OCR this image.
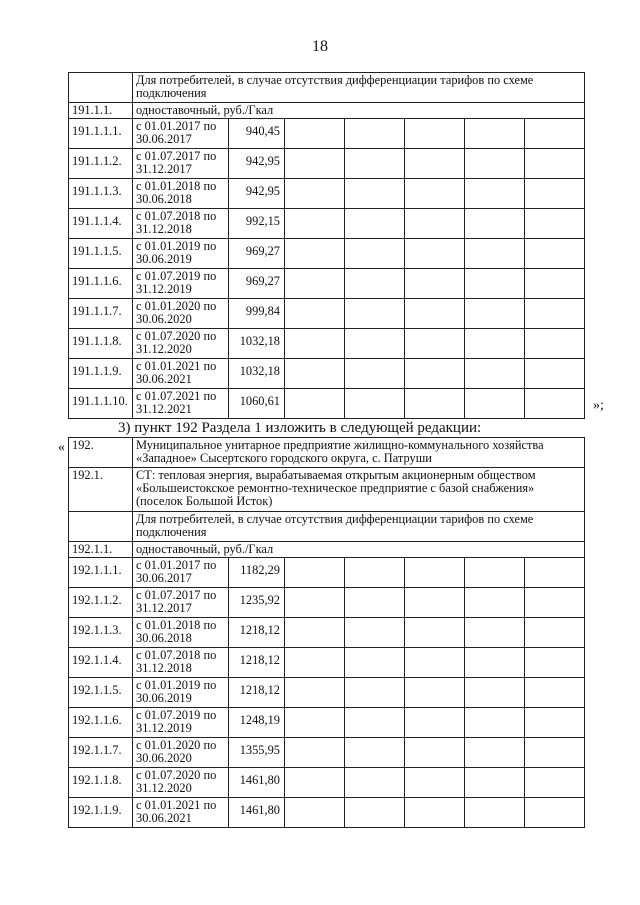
18
	Для потребителей, в случае отсутствия дифференциации тарифов по схеме подключения						
191.1.1.	одноставочный, руб./Гкал						
191.1.1.1.	с 01.01.2017 по 30.06.2017	940,45					
191.1.1.2.	с 01.07.2017 по 31.12.2017	942,95					
191.1.1.3.	с 01.01.2018 по 30.06.2018	942,95					
191.1.1.4.	с 01.07.2018 по 31.12.2018	992,15					
191.1.1.5.	с 01.01.2019 по 30.06.2019	969,27					
191.1.1.6.	с 01.07.2019 по 31.12.2019	969,27					
191.1.1.7.	с 01.01.2020 по 30.06.2020	999,84					
191.1.1.8.	с 01.07.2020 по 31.12.2020	1032,18					
191.1.1.9.	с 01.01.2021 по 30.06.2021	1032,18					
191.1.1.10.	с 01.07.2021 по 31.12.2021	1060,61						»;
3) пункт 192 Раздела 1 изложить в следующей редакции:
« 192.	Муниципальное унитарное предприятие жилищно-коммунального хозяйства «Западное» Сысертского городского округа, с. Патруши						
192.1.	СТ: тепловая энергия, вырабатываемая открытым акционерным обществом «Большеистокское ремонтно-техническое предприятие с базой снабжения» (поселок Большой Исток)						
	Для потребителей, в случае отсутствия дифференциации тарифов по схеме подключения						
192.1.1.	одноставочный, руб./Гкал						
192.1.1.1.	с 01.01.2017 по 30.06.2017	1182,29					
192.1.1.2.	с 01.07.2017 по 31.12.2017	1235,92					
192.1.1.3.	с 01.01.2018 по 30.06.2018	1218,12					
192.1.1.4.	с 01.07.2018 по 31.12.2018	1218,12					
192.1.1.5.	с 01.01.2019 по 30.06.2019	1218,12					
192.1.1.6.	с 01.07.2019 по 31.12.2019	1248,19					
192.1.1.7.	с 01.01.2020 по 30.06.2020	1355,95					
192.1.1.8.	с 01.07.2020 по 31.12.2020	1461,80					
192.1.1.9.	с 01.01.2021 по 30.06.2021	1461,80					
